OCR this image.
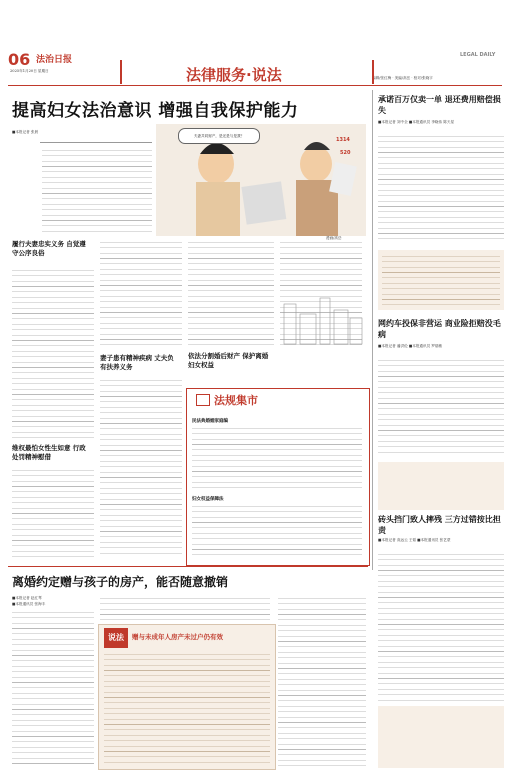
06 法治日报
2025年1月20日 星期日	法律服务·说法
LEGAL DAILY
编辑/张红梅 · 美编/高岳 · 校对/张晓宇
提高妇女法治意识 增强自我保护能力
■本报记者 张晨
夫妻共同财产，是还是与是我？
1314
520
漫画/高岳
履行夫妻忠实义务 自觉遵守公序良俗
维权最怕女性生如意 行政处罚精神慰借
妻子患有精神疾病 丈夫负有扶养义务
依法分割婚后财产 保护离婚妇女权益
法规集市
民法典婚姻家庭编
妇女权益保障法
承诺百万仅卖一单 退还费用赔偿损失
■本报记者 刘中全 ■本报通讯员 李晓伟 陈天星
网约车投保非营运 商业险拒赔没毛病
■本报记者 潘洪伦 ■本报通讯员 罗瑞敏
砖头挡门致人摔残 三方过错按比担责
■本报记者 高远云 王韬 ■本报通讯员 张艺蒙
离婚约定赠与孩子的房产，能否随意撤销
■本报记者 赵红琴
■本报通讯员 张海丰
说法	赠与未成年人房产未过户仍有效
